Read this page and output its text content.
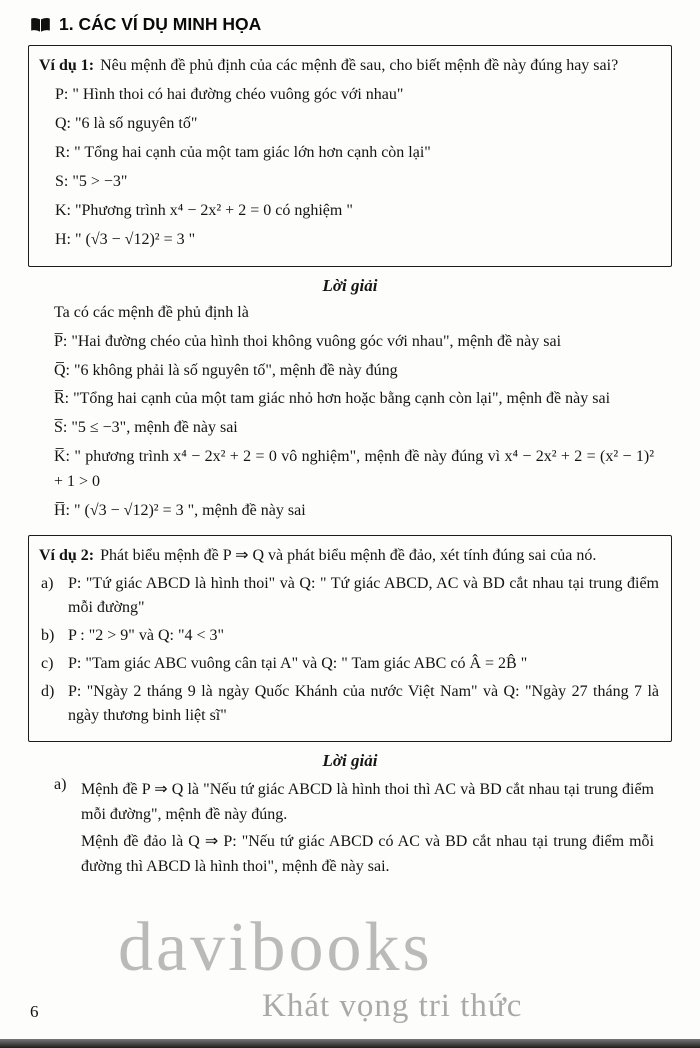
1. CÁC VÍ DỤ MINH HỌA
Ví dụ 1: Nêu mệnh đề phủ định của các mệnh đề sau, cho biết mệnh đề này đúng hay sai?
P: " Hình thoi có hai đường chéo vuông góc với nhau"
Q: "6 là số nguyên tố"
R: " Tổng hai cạnh của một tam giác lớn hơn cạnh còn lại"
S: "5 > −3"
K: "Phương trình x⁴ − 2x² + 2 = 0 có nghiệm "
H: " (√3 − √12)² = 3 "
Lời giải

Ta có các mệnh đề phủ định là

P̅: "Hai đường chéo của hình thoi không vuông góc với nhau", mệnh đề này sai

Q̅: "6 không phải là số nguyên tố", mệnh đề này đúng

R̅: "Tổng hai cạnh của một tam giác nhỏ hơn hoặc bằng cạnh còn lại", mệnh đề này sai

S̅: "5 ≤ −3", mệnh đề này sai

K̅: " phương trình x⁴ − 2x² + 2 = 0 vô nghiệm", mệnh đề này đúng vì x⁴ − 2x² + 2 = (x² − 1)² + 1 > 0

H̅: " (√3 − √12)² = 3 ", mệnh đề này sai

Ví dụ 2: Phát biểu mệnh đề P ⇒ Q và phát biểu mệnh đề đảo, xét tính đúng sai của nó.
a) P: "Tứ giác ABCD là hình thoi" và Q: " Tứ giác ABCD, AC và BD cắt nhau tại trung điểm mỗi đường"
b) P : "2 > 9" và Q: "4 < 3"
c) P: "Tam giác ABC vuông cân tại A" và Q: " Tam giác ABC có Â = 2B̂ "
d) P: "Ngày 2 tháng 9 là ngày Quốc Khánh của nước Việt Nam" và Q: "Ngày 27 tháng 7 là ngày thương binh liệt sĩ"
Lời giải
a) Mệnh đề P ⇒ Q là "Nếu tứ giác ABCD là hình thoi thì AC và BD cắt nhau tại trung điểm mỗi đường", mệnh đề này đúng.

Mệnh đề đảo là Q ⇒ P: "Nếu tứ giác ABCD có AC và BD cắt nhau tại trung điểm mỗi đường thì ABCD là hình thoi", mệnh đề này sai.

davibooks
Khát vọng tri thức
6
